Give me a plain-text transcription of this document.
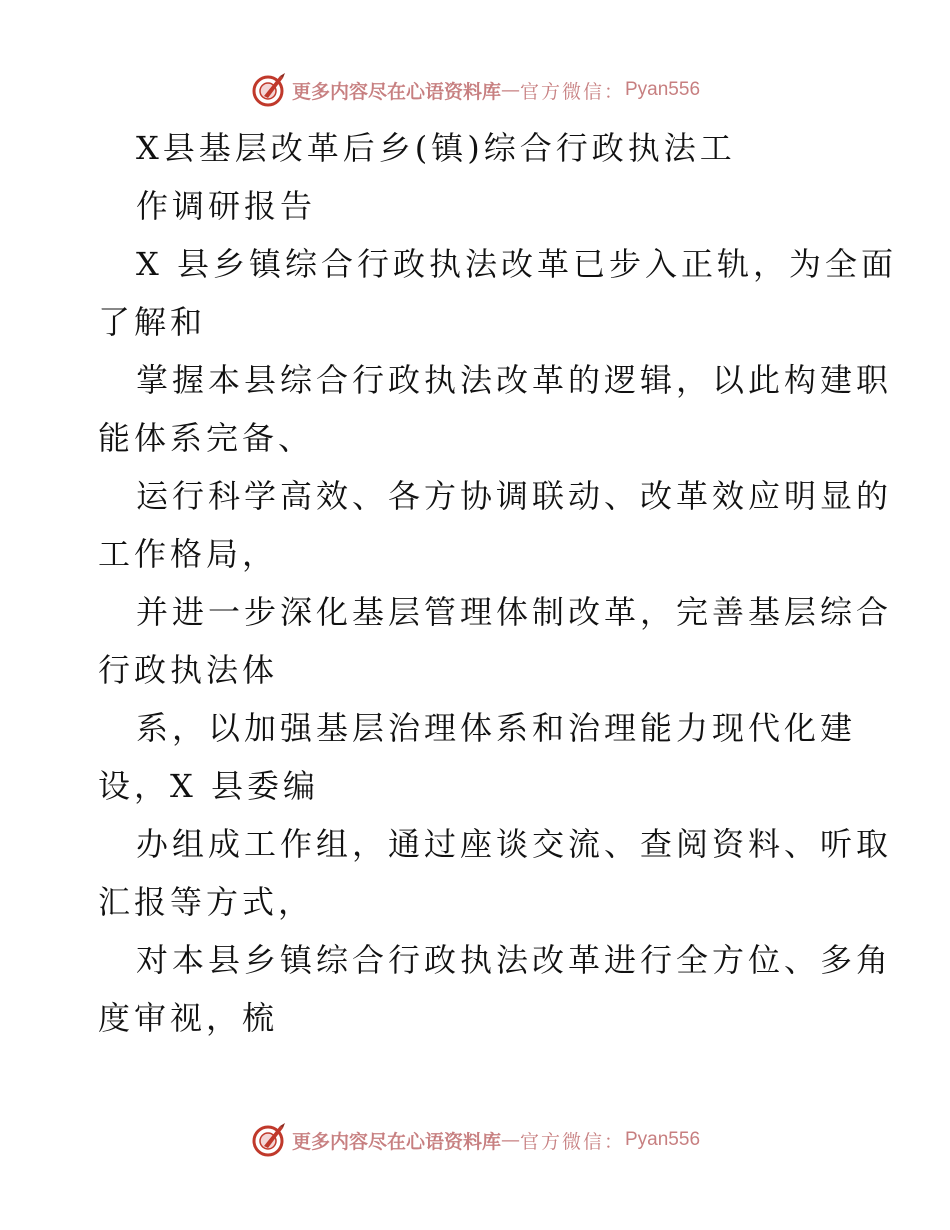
更多内容尽在心语资料库 — 官方微信： Pyan556
X县基层改革后乡(镇)综合行政执法工
作调研报告
X 县乡镇综合行政执法改革已步入正轨，为全面
了解和
掌握本县综合行政执法改革的逻辑，以此构建职
能体系完备、
运行科学高效、各方协调联动、改革效应明显的
工作格局，
并进一步深化基层管理体制改革，完善基层综合
行政执法体
系，以加强基层治理体系和治理能力现代化建
设，X 县委编
办组成工作组，通过座谈交流、查阅资料、听取
汇报等方式，
对本县乡镇综合行政执法改革进行全方位、多角
度审视，梳
更多内容尽在心语资料库 — 官方微信： Pyan556
